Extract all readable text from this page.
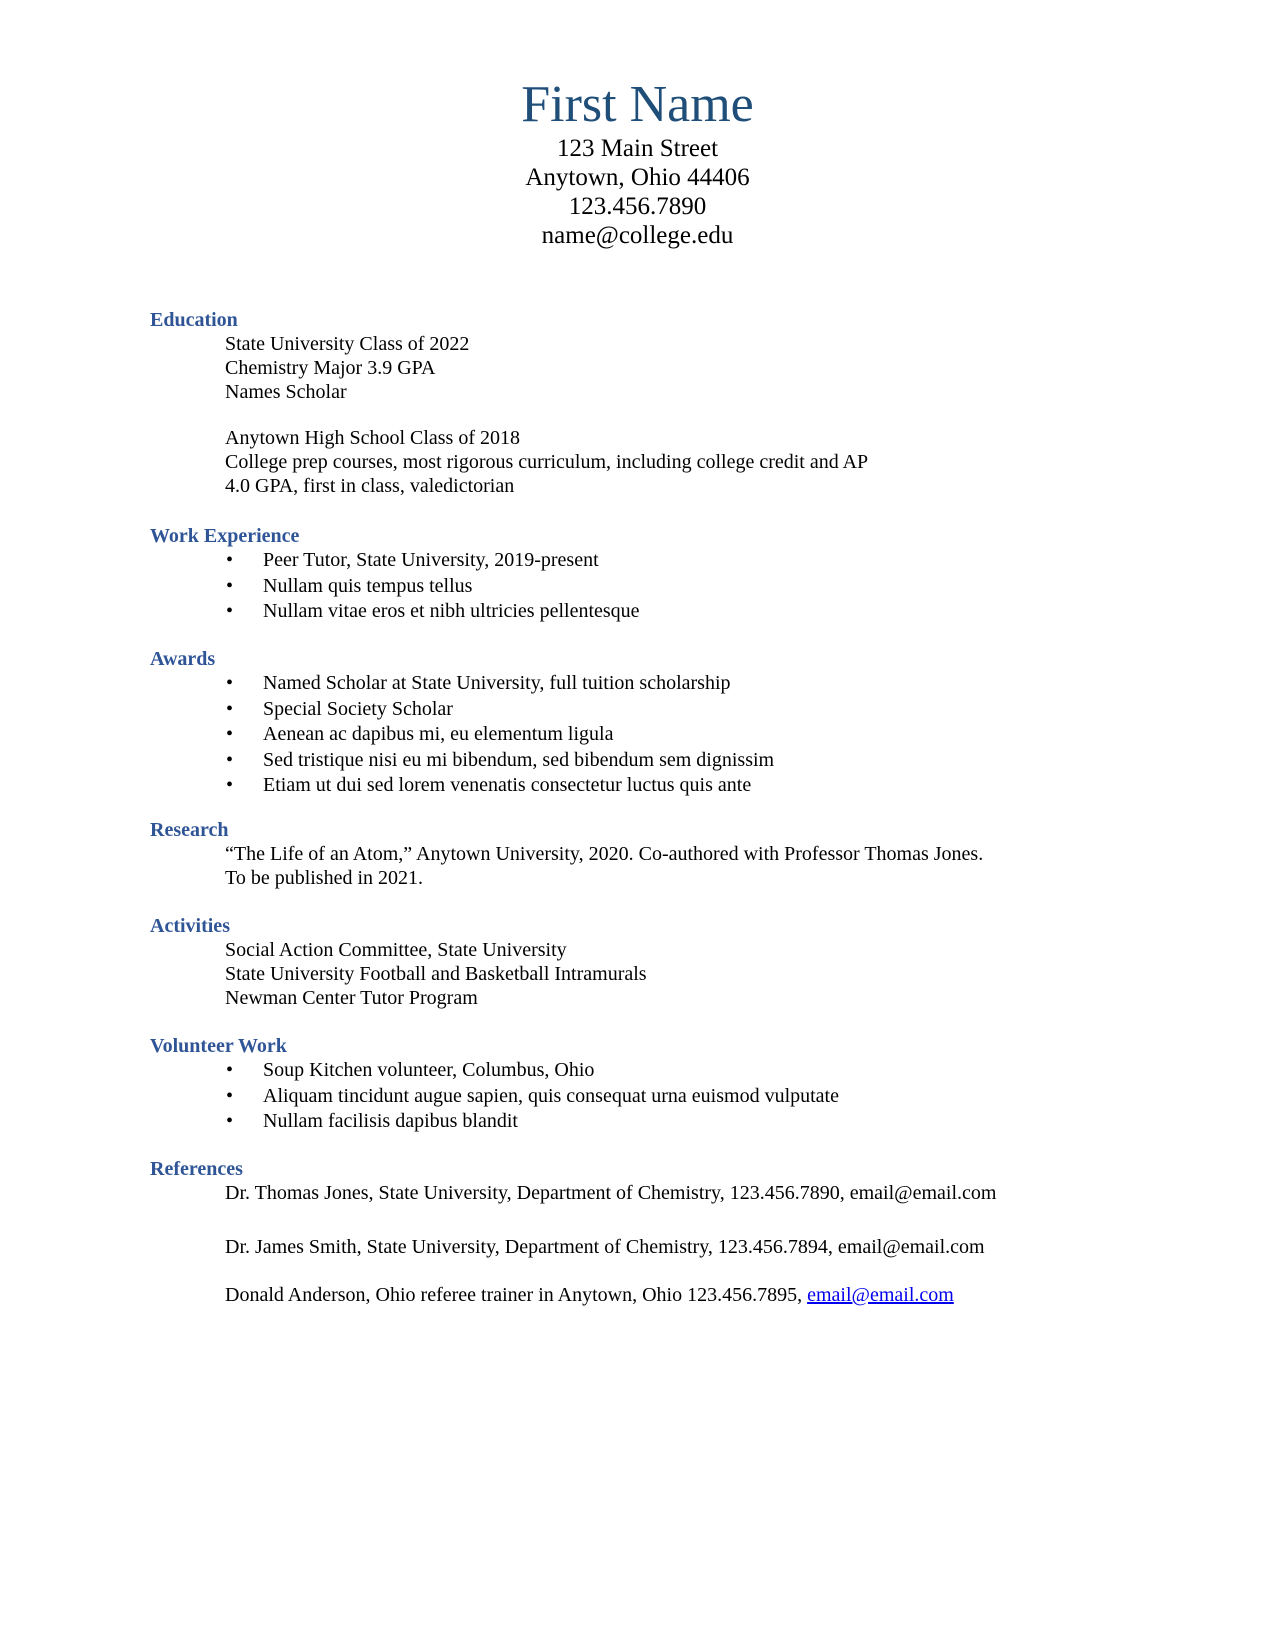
First Name

123 Main Street

Anytown, Ohio 44406

123.456.7890

name@college.edu

Education

State University Class of 2022

Chemistry Major 3.9 GPA

Names Scholar

Anytown High School Class of 2018

College prep courses, most rigorous curriculum, including college credit and AP

4.0 GPA, first in class, valedictorian

Work Experience

• Peer Tutor, State University, 2019-present
• Nullam quis tempus tellus
• Nullam vitae eros et nibh ultricies pellentesque

Awards

• Named Scholar at State University, full tuition scholarship
• Special Society Scholar
• Aenean ac dapibus mi, eu elementum ligula
• Sed tristique nisi eu mi bibendum, sed bibendum sem dignissim
• Etiam ut dui sed lorem venenatis consectetur luctus quis ante

Research

“The Life of an Atom,” Anytown University, 2020. Co-authored with Professor Thomas Jones.

To be published in 2021.

Activities

Social Action Committee, State University

State University Football and Basketball Intramurals

Newman Center Tutor Program

Volunteer Work

• Soup Kitchen volunteer, Columbus, Ohio
• Aliquam tincidunt augue sapien, quis consequat urna euismod vulputate
• Nullam facilisis dapibus blandit

References

Dr. Thomas Jones, State University, Department of Chemistry, 123.456.7890, email@email.com

Dr. James Smith, State University, Department of Chemistry, 123.456.7894, email@email.com

Donald Anderson, Ohio referee trainer in Anytown, Ohio 123.456.7895, email@email.com
